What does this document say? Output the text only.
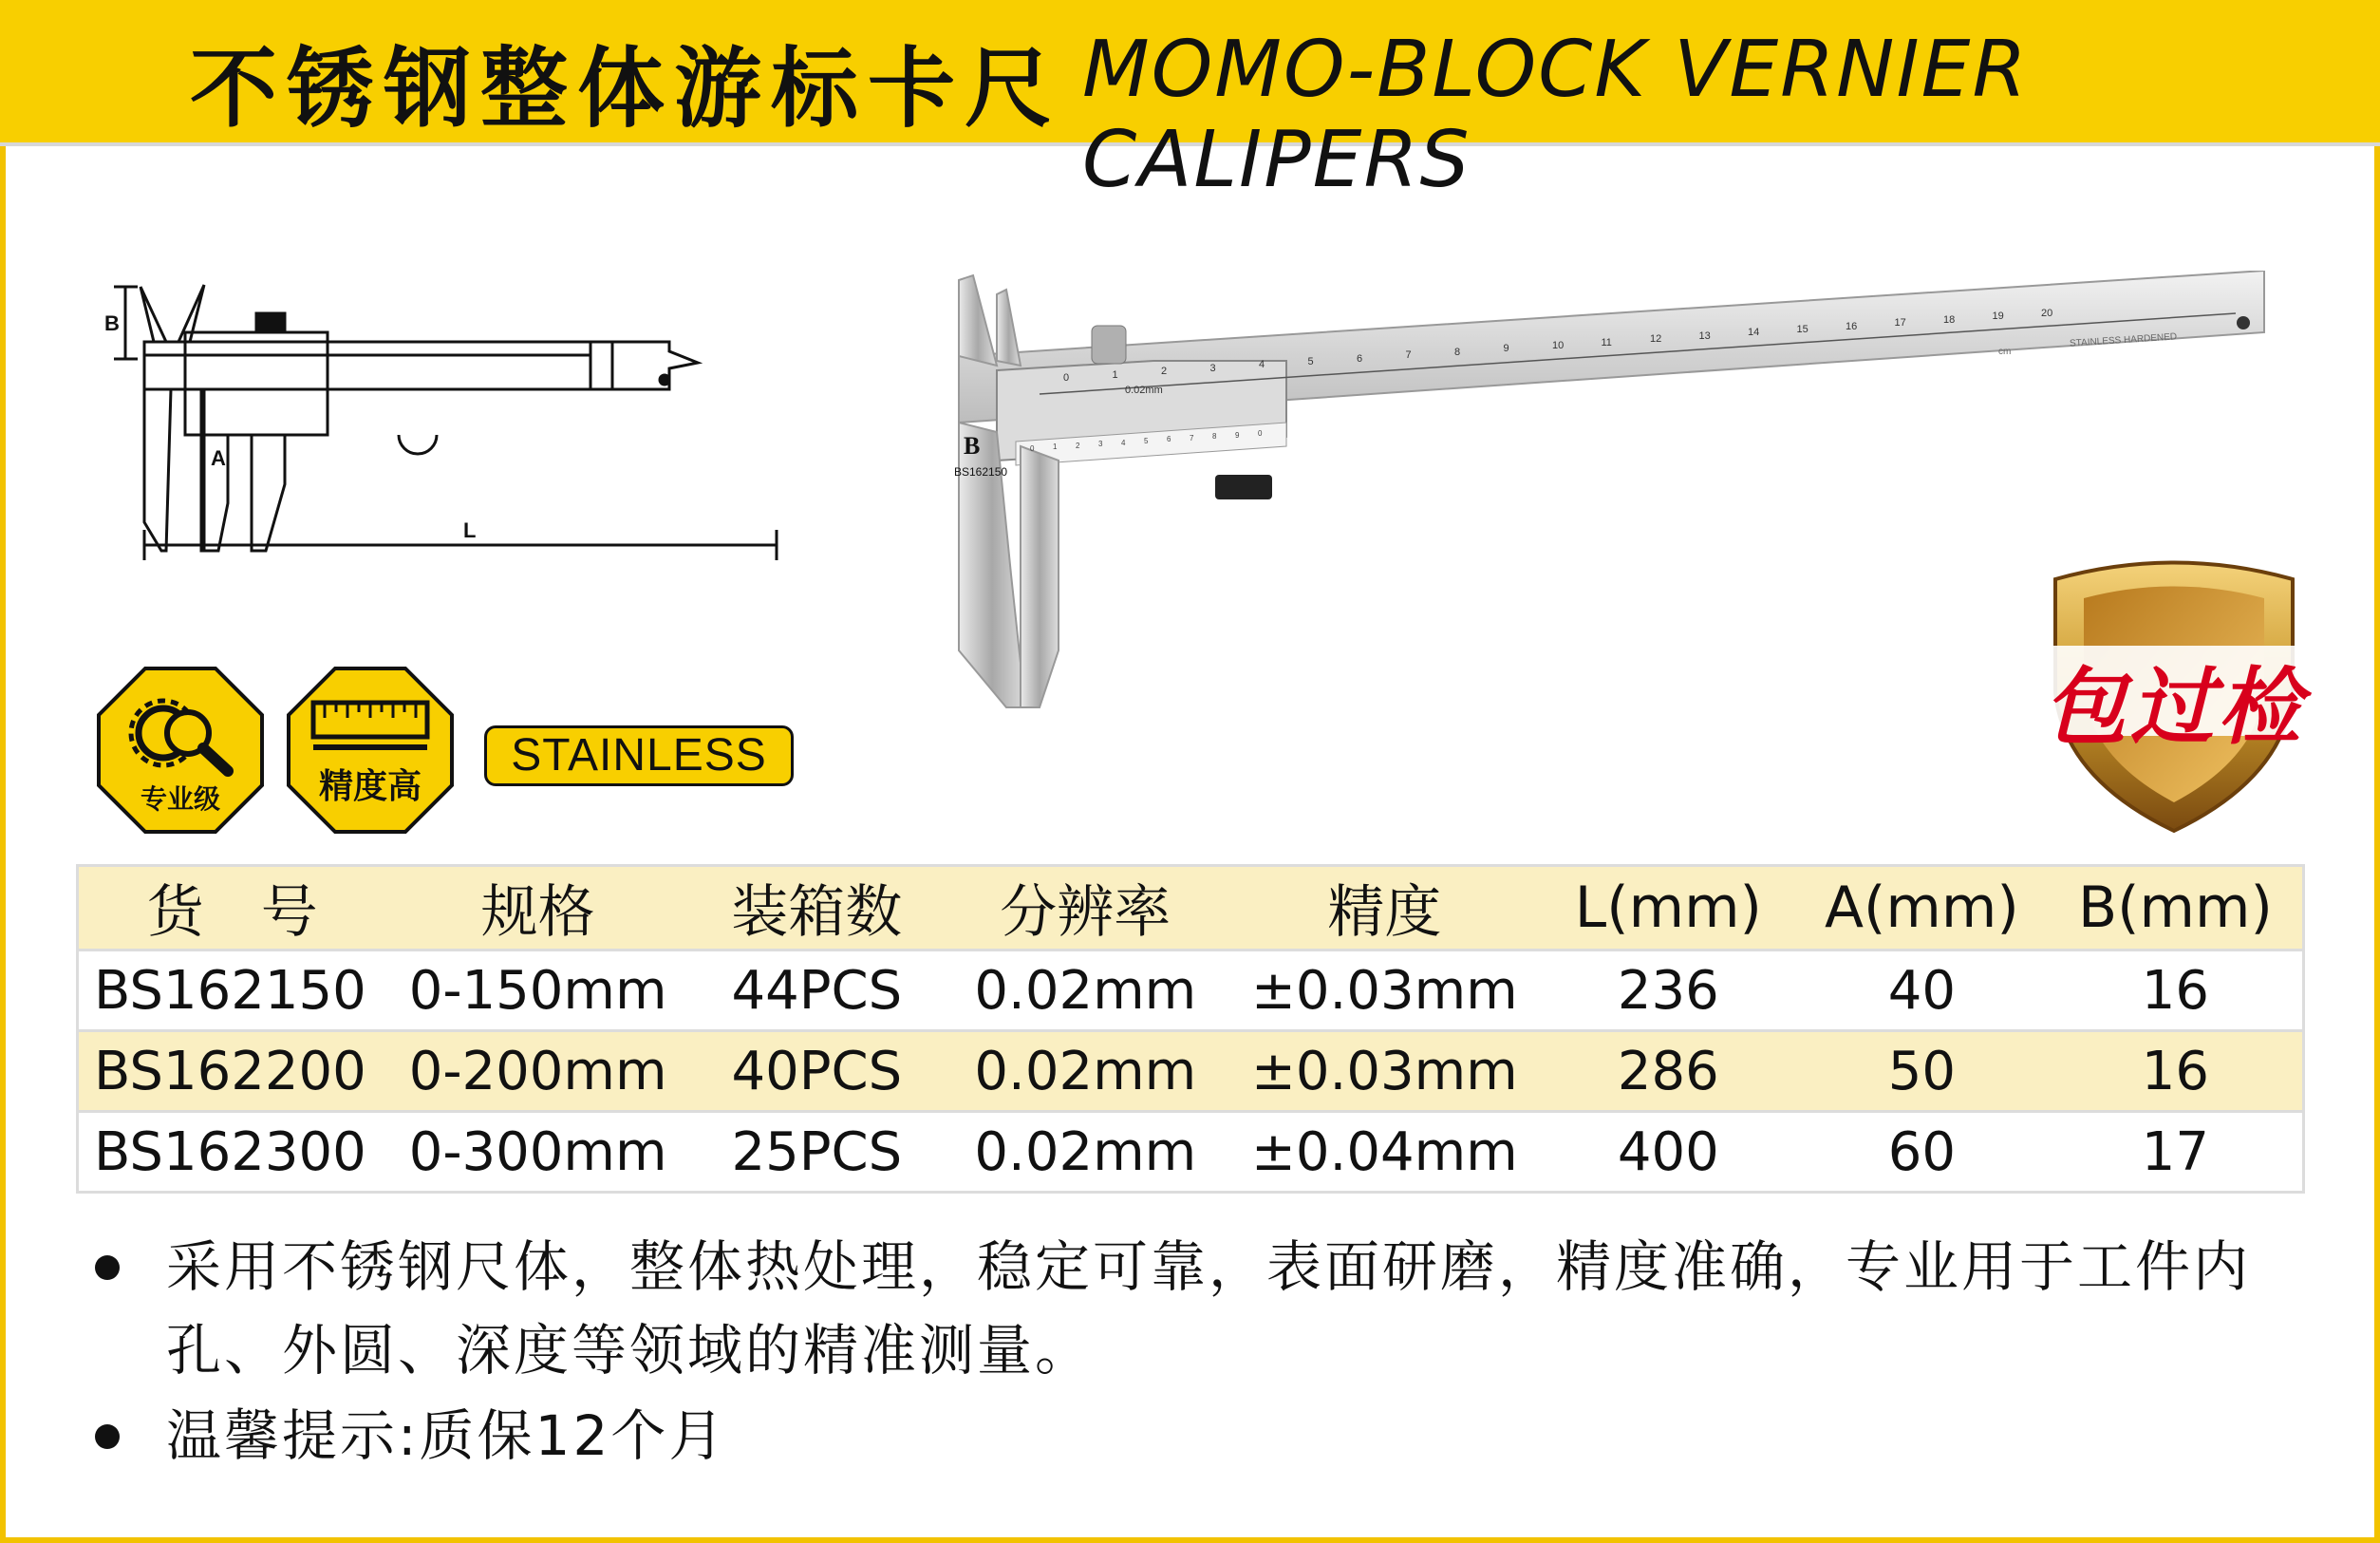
不锈钢整体游标卡尺 MOMO-BLOCK VERNIER CALIPERS
B
A
L
B
BS162150
0.02mm
STAINLESS HARDENED
cm
0	1	2	3	4	5	6	7	8	9	10	11	12	13	14	15	16	17	18	19	20
0 1 2 3 4 5 6 7 8 9 0
专业级	精度高
STAINLESS	包过检
货　号	规格	装箱数	分辨率	精度	L(mm)	A(mm)	B(mm)
BS162150	0-150mm	44PCS	0.02mm	±0.03mm	236	40	16
BS162200	0-200mm	40PCS	0.02mm	±0.03mm	286	50	16
BS162300	0-300mm	25PCS	0.02mm	±0.04mm	400	60	17
采用不锈钢尺体，整体热处理，稳定可靠，表面研磨，精度准确，专业用于工件内孔、外圆、深度等领域的精准测量。
温馨提示:质保12个月
